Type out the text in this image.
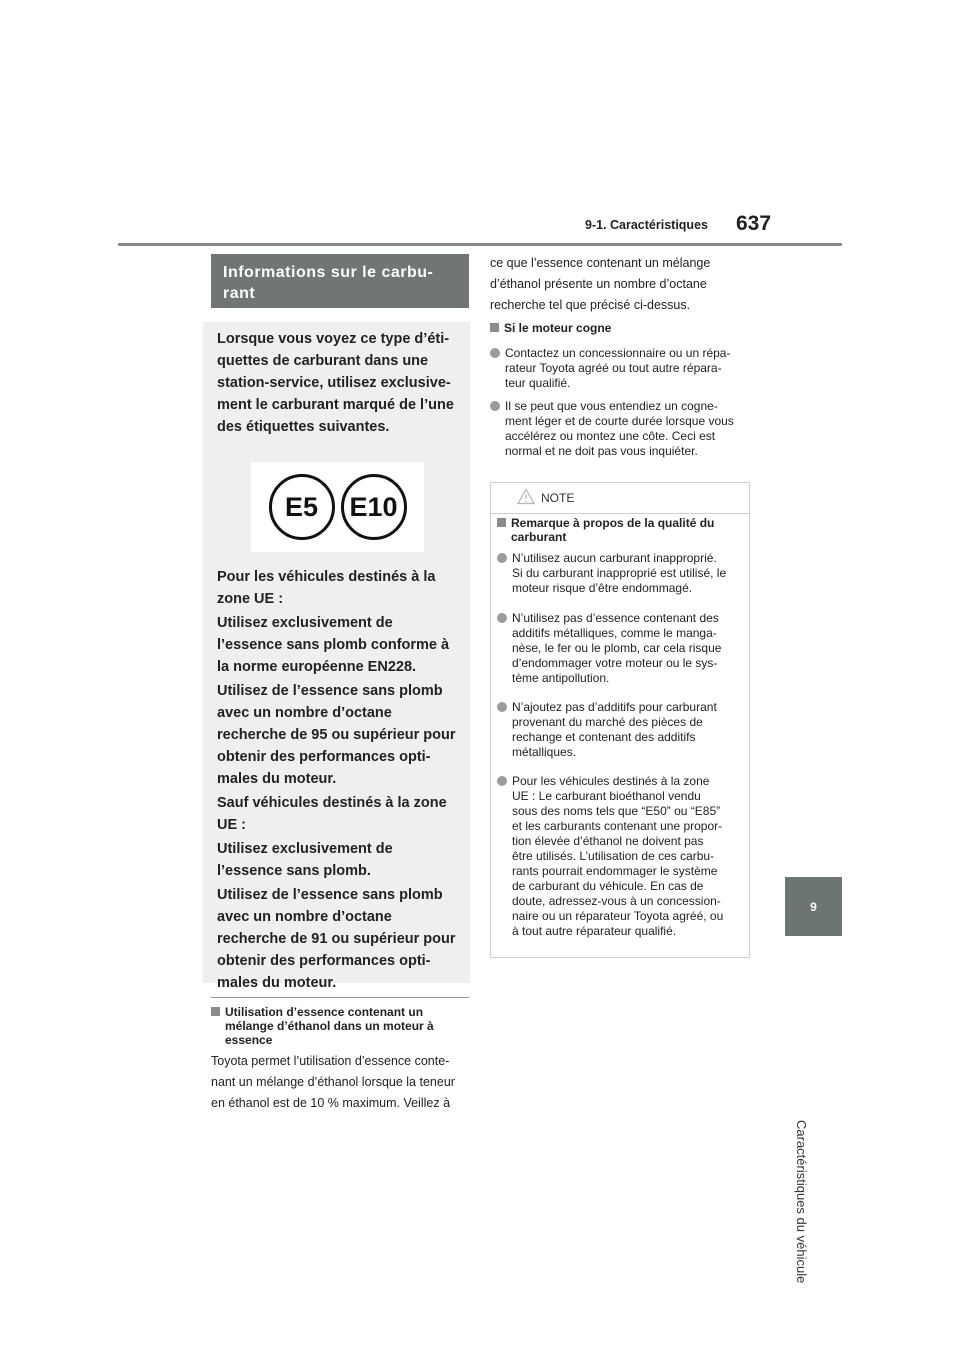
9-1. Caractéristiques 637
9
Caractéristiques du véhicule
Informations sur le carbu-
rant

Lorsque vous voyez ce type d’éti-
quettes de carburant dans une
station-service, utilisez exclusive-
ment le carburant marqué de l’une
des étiquettes suivantes.

E5	E10

Pour les véhicules destinés à la
zone UE :

Utilisez exclusivement de
l’essence sans plomb conforme à
la norme européenne EN228.

Utilisez de l’essence sans plomb
avec un nombre d’octane
recherche de 95 ou supérieur pour
obtenir des performances opti-
males du moteur.

Sauf véhicules destinés à la zone
UE :

Utilisez exclusivement de
l’essence sans plomb.

Utilisez de l’essence sans plomb
avec un nombre d’octane
recherche de 91 ou supérieur pour
obtenir des performances opti-
males du moteur.

Utilisation d’essence contenant un
mélange d’éthanol dans un moteur à
essence
Toyota permet l’utilisation d’essence conte-
nant un mélange d’éthanol lorsque la teneur
en éthanol est de 10 % maximum. Veillez à
ce que l’essence contenant un mélange
d’éthanol présente un nombre d’octane
recherche tel que précisé ci-dessus.
Si le moteur cogne
Contactez un concessionnaire ou un répa-
rateur Toyota agréé ou tout autre répara-
teur qualifié.
Il se peut que vous entendiez un cogne-
ment léger et de courte durée lorsque vous
accélérez ou montez une côte. Ceci est
normal et ne doit pas vous inquiéter.
NOTE
Remarque à propos de la qualité du
carburant
N’utilisez aucun carburant inapproprié.
Si du carburant inapproprié est utilisé, le
moteur risque d’être endommagé.
N’utilisez pas d’essence contenant des
additifs métalliques, comme le manga-
nèse, le fer ou le plomb, car cela risque
d’endommager votre moteur ou le sys-
tème antipollution.
N’ajoutez pas d’additifs pour carburant
provenant du marché des pièces de
rechange et contenant des additifs
métalliques.
Pour les véhicules destinés à la zone
UE : Le carburant bioéthanol vendu
sous des noms tels que “E50” ou “E85”
et les carburants contenant une propor-
tion élevée d’éthanol ne doivent pas
être utilisés. L’utilisation de ces carbu-
rants pourrait endommager le système
de carburant du véhicule. En cas de
doute, adressez-vous à un concession-
naire ou un réparateur Toyota agréé, ou
à tout autre réparateur qualifié.
